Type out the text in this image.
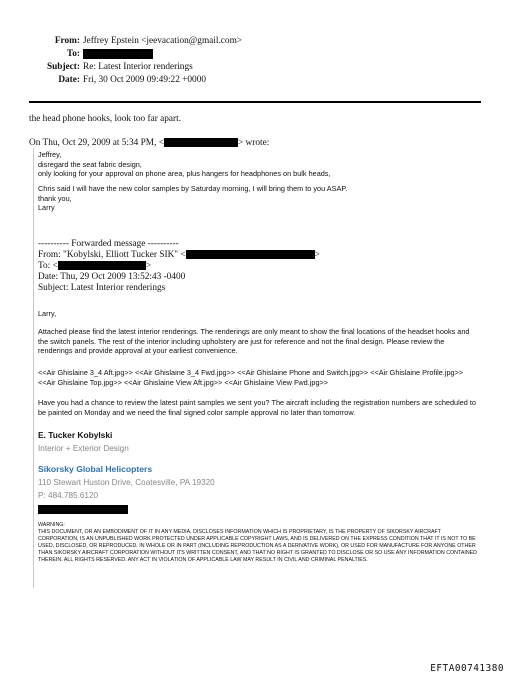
From: Jeffrey Epstein <jeevacation@gmail.com>
To:
Subject: Re: Latest Interior renderings
Date: Fri, 30 Oct 2009 09:49:22 +0000
the head phone hooks, look too far apart.
On Thu, Oct 29, 2009 at 5:34 PM, <	> wrote:
Jeffrey,
disregard the seat fabric design,
only looking for your approval on phone area, plus hangers for headphones on bulk heads,
Chris said I will have the new color samples by Saturday morning, I will bring them to you ASAP.
thank you,
Larry
---------- Forwarded message ----------
From: "Kobylski, Elliott Tucker SIK" <	>
To: <	>
Date: Thu, 29 Oct 2009 13:52:43 -0400
Subject: Latest Interior renderings
Larry,
Attached please find the latest interior renderings. The renderings are only meant to show the final locations of the headset hooks and the switch panels. The rest of the interior including upholstery are just for reference and not the final design. Please review the renderings and provide approval at your earliest convenience.
<<Air Ghislaine 3_4 Aft.jpg>> <<Air Ghislaine 3_4 Fwd.jpg>> <<Air Ghislaine Phone and Switch.jpg>> <<Air Ghislaine Profile.jpg>> <<Air Ghislaine Top.jpg>> <<Air Ghislaine View Aft.jpg>> <<Air Ghislaine View Fwd.jpg>>
Have you had a chance to review the latest paint samples we sent you? The aircraft including the registration numbers are scheduled to be painted on Monday and we need the final signed color sample approval no later than tomorrow.
E. Tucker Kobylski
Interior + Exterior Design
Sikorsky Global Helicopters
110 Stewart Huston Drive, Coatesville, PA 19320
P: 484.785.6120
WARNING:
THIS DOCUMENT, OR AN EMBODIMENT OF IT IN ANY MEDIA, DISCLOSES INFORMATION WHICH IS PROPRIETARY, IS THE PROPERTY OF SIKORSKY AIRCRAFT CORPORATION, IS AN UNPUBLISHED WORK PROTECTED UNDER APPLICABLE COPYRIGHT LAWS, AND IS DELIVERED ON THE EXPRESS CONDITION THAT IT IS NOT TO BE USED, DISCLOSED, OR REPRODUCED, IN WHOLE OR IN PART (INCLUDING REPRODUCTION AS A DERIVATIVE WORK), OR USED FOR MANUFACTURE FOR ANYONE OTHER THAN SIKORSKY AIRCRAFT CORPORATION WITHOUT ITS WRITTEN CONSENT, AND THAT NO RIGHT IS GRANTED TO DISCLOSE OR SO USE ANY INFORMATION CONTAINED THEREIN. ALL RIGHTS RESERVED. ANY ACT IN VIOLATION OF APPLICABLE LAW MAY RESULT IN CIVIL AND CRIMINAL PENALTIES.
EFTA00741380
